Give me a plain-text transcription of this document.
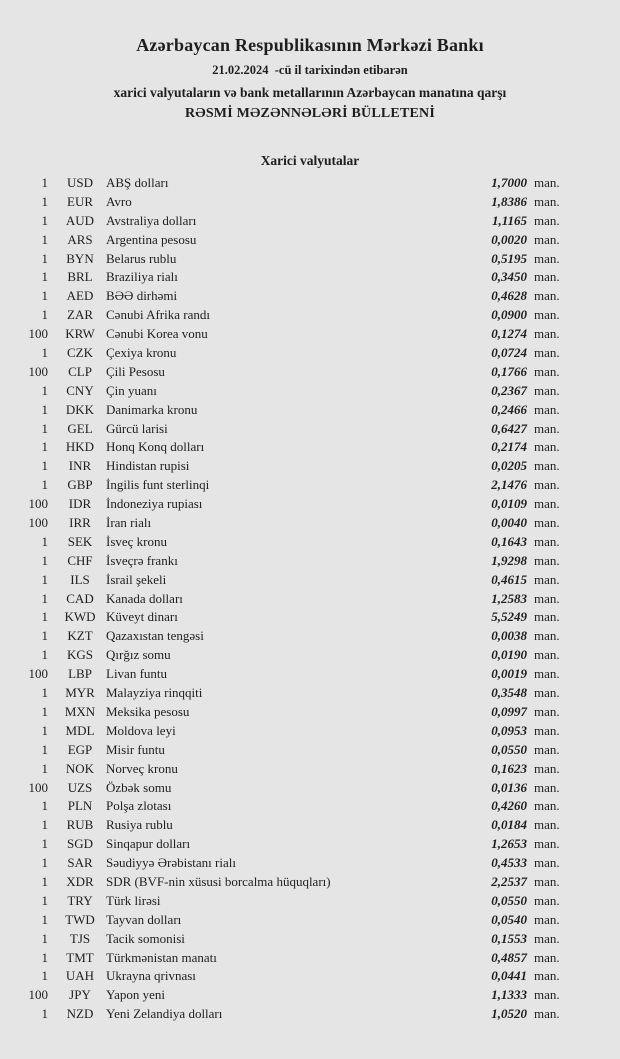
Azərbaycan Respublikasının Mərkəzi Bankı
21.02.2024  -cü il tarixindən etibarən
xarici valyutaların və bank metallarının Azərbaycan manatına qarşı
RƏSMİ MƏZƏNNƏLƏRİ BÜLLETENİ
Xarici valyutalar
1	USD	ABŞ dolları	1,7000 man.
1	EUR	Avro	1,8386 man.
1	AUD Avstraliya dolları	1,1165 man.
1	ARS	Argentina pesosu	0,0020 man.
1	BYN Belarus rublu	0,5195 man.
1	BRL	Braziliya rialı	0,3450 man.
1	AED BƏƏ dirhəmi	0,4628 man.
1	ZAR	Cənubi Afrika randı	0,0900 man.
100	KRW Cənubi Korea vonu	0,1274 man.
1	CZK	Çexiya kronu	0,0724 man.
100	CLP	Çili Pesosu	0,1766 man.
1	CNY Çin yuanı	0,2367 man.
1	DKK Danimarka kronu	0,2466 man.
1	GEL	Gürcü larisi	0,6427 man.
1	HKD Honq Konq dolları	0,2174 man.
1	INR	Hindistan rupisi	0,0205 man.
1	GBP	İngilis funt sterlinqi	2,1476 man.
100	IDR	İndoneziya rupiası	0,0109 man.
100	IRR	İran rialı	0,0040 man.
1	SEK	İsveç kronu	0,1643 man.
1	CHF	İsveçrə frankı	1,9298 man.
1	ILS	İsrail şekeli	0,4615 man.
1	CAD Kanada dolları	1,2583 man.
1	KWD Küveyt dinarı	5,5249 man.
1	KZT	Qazaxıstan tengəsi	0,0038 man.
1	KGS	Qırğız somu	0,0190 man.
100	LBP	Livan funtu	0,0019 man.
1	MYR Malayziya rinqqiti	0,3548 man.
1	MXN Meksika pesosu	0,0997 man.
1	MDL Moldova leyi	0,0953 man.
1	EGP	Misir funtu	0,0550 man.
1	NOK Norveç kronu	0,1623 man.
100	UZS	Özbək somu	0,0136 man.
1	PLN	Polşa zlotası	0,4260 man.
1	RUB Rusiya rublu	0,0184 man.
1	SGD	Sinqapur dolları	1,2653 man.
1	SAR	Səudiyyə Ərəbistanı rialı	0,4533 man.
1	XDR SDR (BVF-nin xüsusi borcalma hüquqları)	2,2537 man.
1	TRY	Türk lirəsi	0,0550 man.
1	TWD Tayvan dolları	0,0540 man.
1	TJS	Tacik somonisi	0,1553 man.
1	TMT Türkmənistan manatı	0,4857 man.
1	UAH Ukrayna qrivnası	0,0441 man.
100	JPY	Yapon yeni	1,1333 man.
1	NZD Yeni Zelandiya dolları	1,0520 man.
